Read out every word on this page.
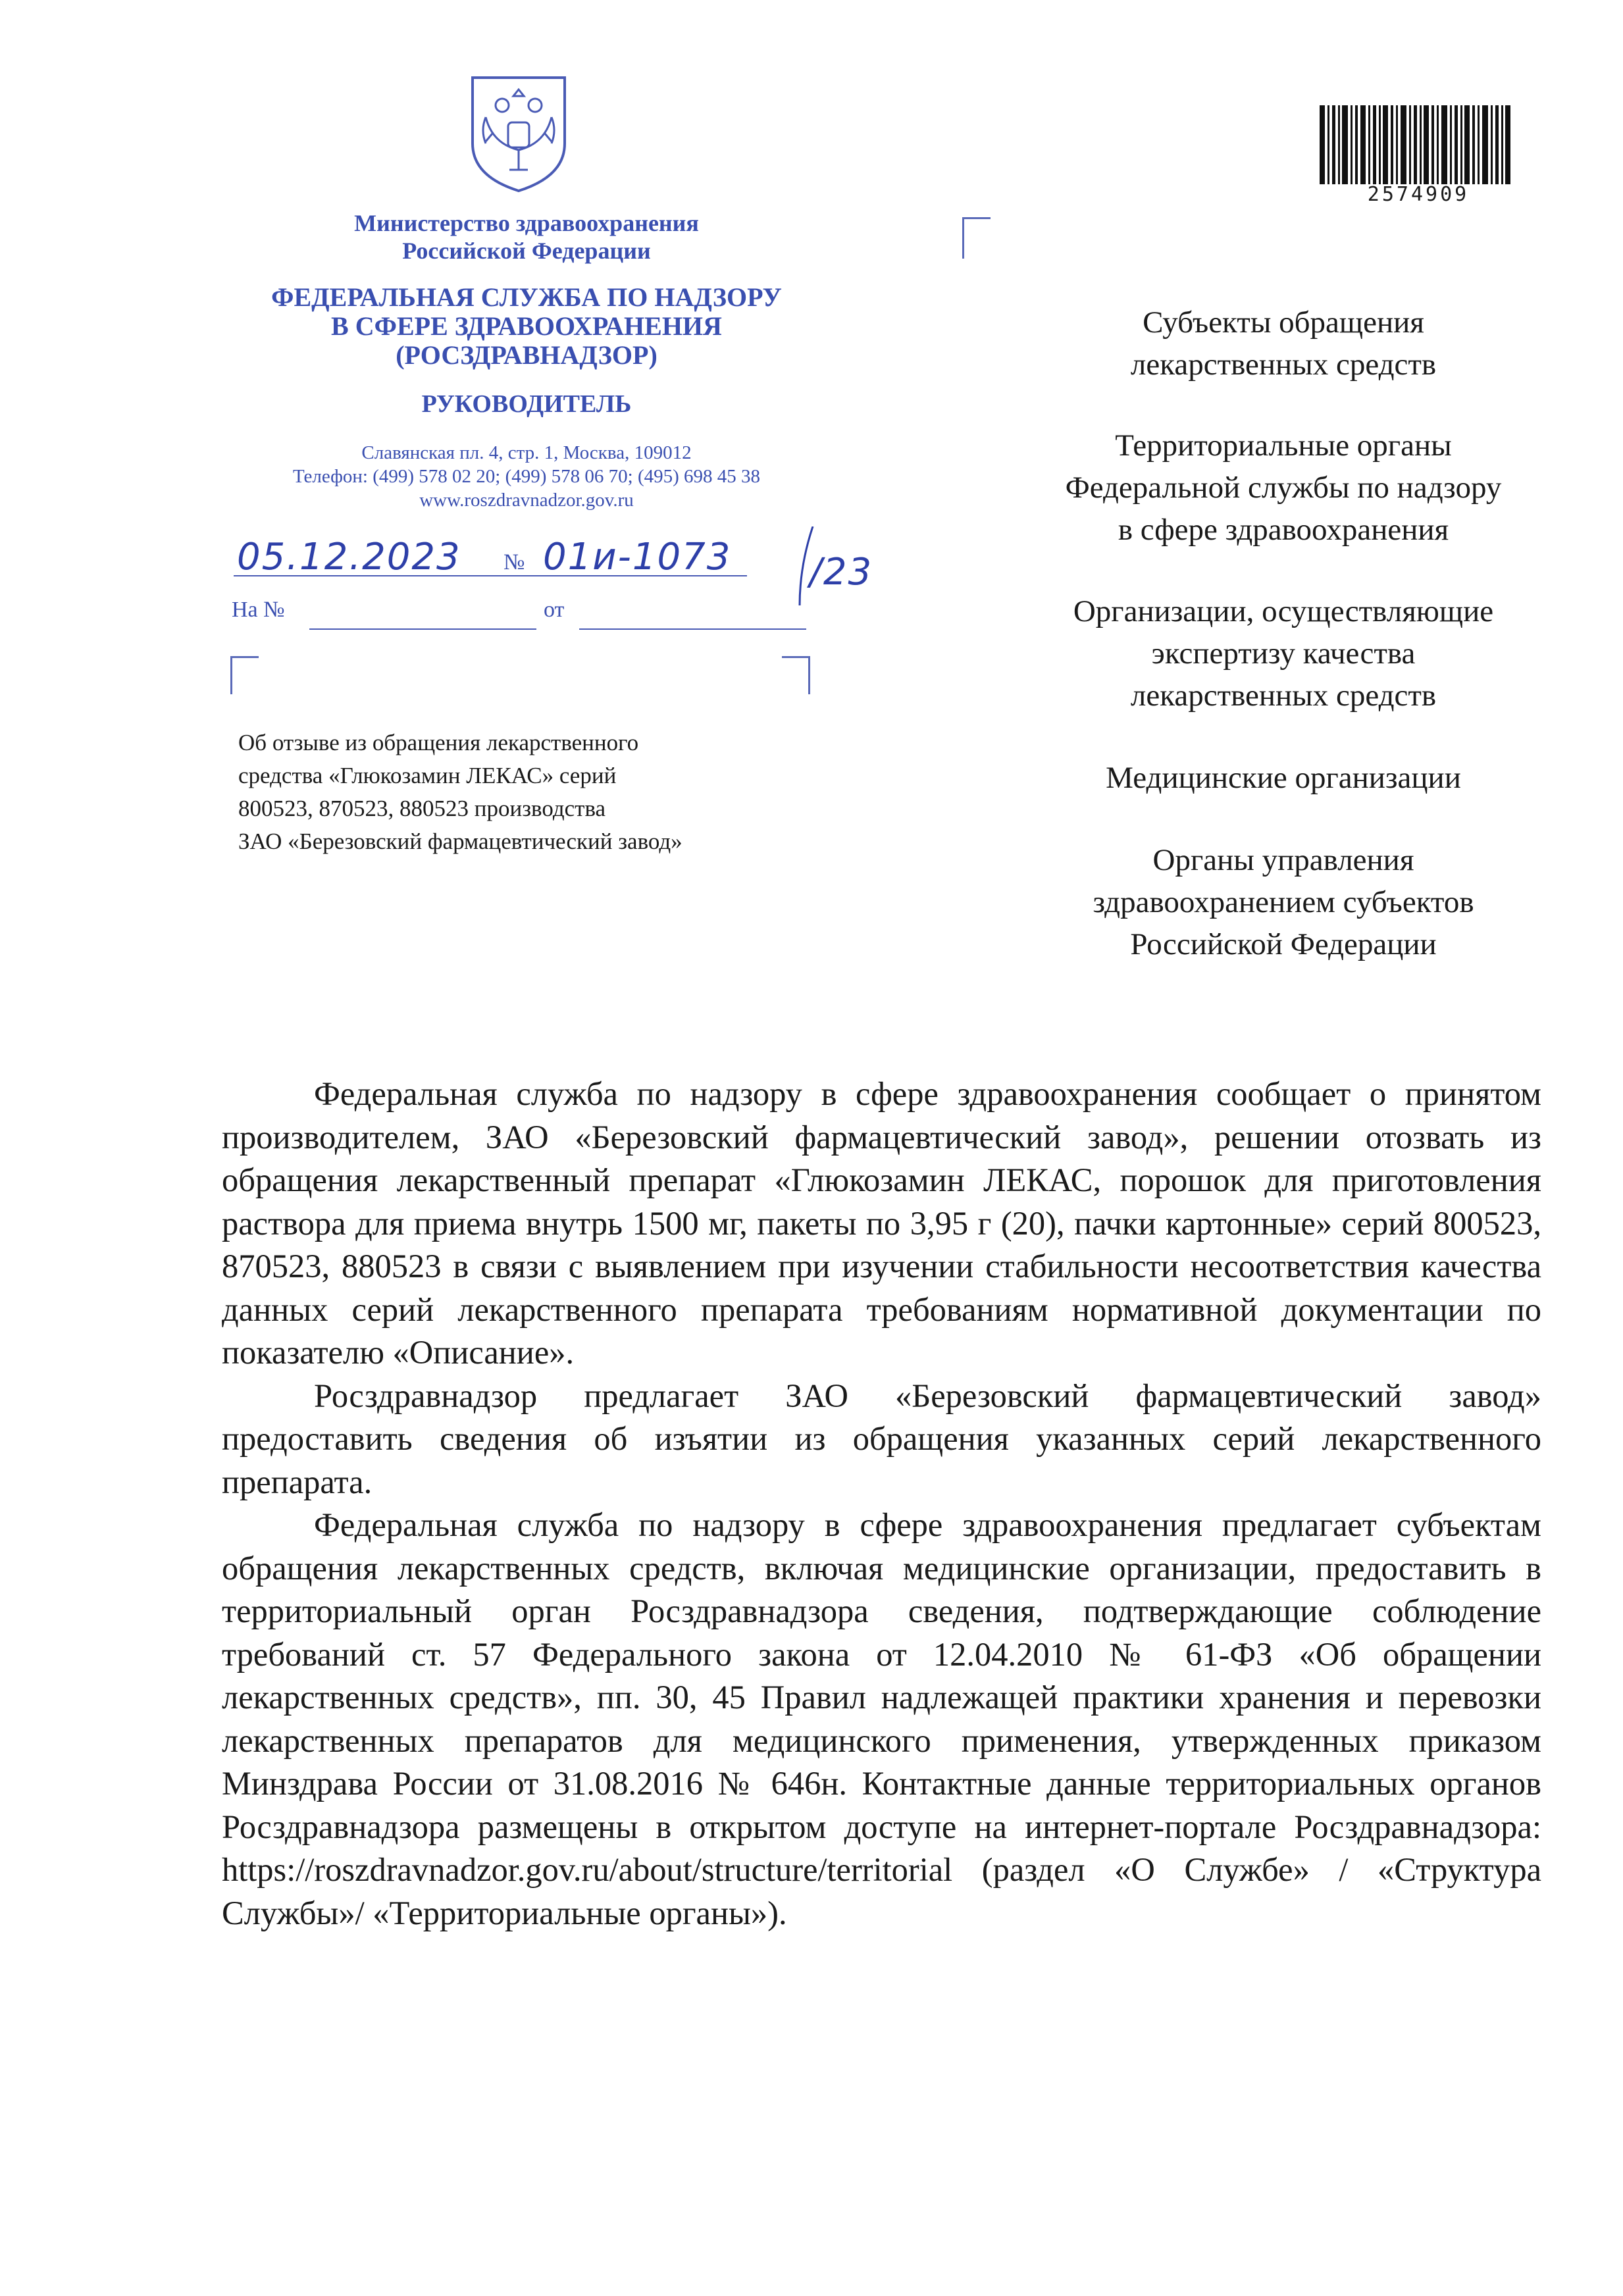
Министерство здравоохранения
Российской Федерации
ФЕДЕРАЛЬНАЯ СЛУЖБА ПО НАДЗОРУ
В СФЕРЕ ЗДРАВООХРАНЕНИЯ
(РОСЗДРАВНАДЗОР)
РУКОВОДИТЕЛЬ
Славянская пл. 4, стр. 1, Москва, 109012
Телефон: (499) 578 02 20; (499) 578 06 70; (495) 698 45 38
www.roszdravnadzor.gov.ru
05.12.2023 № 01и-1073 /23
На №	от
Об отзыве из обращения лекарственного
средства «Глюкозамин ЛЕКАС» серий
800523, 870523, 880523 производства
ЗАО «Березовский фармацевтический завод»
2574909
Субъекты обращения
лекарственных средств
Территориальные органы
Федеральной службы по надзору
в сфере здравоохранения
Организации, осуществляющие
экспертизу качества
лекарственных средств
Медицинские организации
Органы управления
здравоохранением субъектов
Российской Федерации

Федеральная служба по надзору в сфере здравоохранения сообщает о принятом производителем, ЗАО «Березовский фармацевтический завод», решении отозвать из обращения лекарственный препарат «Глюкозамин ЛЕКАС, порошок для приготовления раствора для приема внутрь 1500 мг, пакеты по 3,95 г (20), пачки картонные» серий 800523, 870523, 880523 в связи с выявлением при изучении стабильности несоответствия качества данных серий лекарственного препарата требованиям нормативной документации по показателю «Описание».

Росздравнадзор предлагает ЗАО «Березовский фармацевтический завод» предоставить сведения об изъятии из обращения указанных серий лекарственного препарата.

Федеральная служба по надзору в сфере здравоохранения предлагает субъектам обращения лекарственных средств, включая медицинские организации, предоставить в территориальный орган Росздравнадзора сведения, подтверждающие соблюдение требований ст. 57 Федерального закона от 12.04.2010 № 61-ФЗ «Об обращении лекарственных средств», пп. 30, 45 Правил надлежащей практики хранения и перевозки лекарственных препаратов для медицинского применения, утвержденных приказом Минздрава России от 31.08.2016 № 646н. Контактные данные территориальных органов Росздравнадзора размещены в открытом доступе на интернет-портале Росздравнадзора: https://roszdravnadzor.gov.ru/about/structure/territorial (раздел «О Службе» / «Структура Службы»/ «Территориальные органы»).
